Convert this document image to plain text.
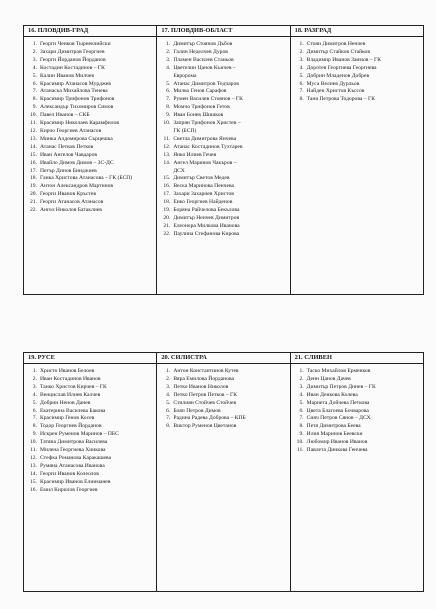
16. ПЛОВДИВ-ГРАД
1. Георги Ченков Тырнекчийски
2. Захари Димитров Георгиев
3. Георги Йорданов Йорданов
4. Костадин Костадинов – ГК
5. Калин Иванов Милчев
6. Красимир Атанасов Мурджев
7. Атанаска Михайлова Тенева
8. Красимир Трифонов Трифонов
9. Александър Тихомиров Симов
10. Павел Иванов – СКБ
11. Красимир Николаев Карамфилов
12. Кирчо Георгиев Атанасов
13. Минка Алдомирова Сърцешка
14. Атанас Петков Петков
15. Иван Ангелов Чавдаров
16. Ивайло Димов Димов – ЗС-ДС
17. Петър Динов Бинджиев
18. Ганка Христова Атанасова – ГК (БСП)
19. Антон Александров Мартинов
20. Георги Иванов Кръстев
21. Георги Атанасов Атанасов
22. Ангел Николов Батаклиев
17. ПЛОВДИВ-ОБЛАСТ
1. Димитър Стоянов Дъбов
2. Галин Неделчев Дуров
3. Пламен Василев Станьов
4. Цветелин Цанов Кънчев –
Евророма
5. Атанас Димитров Тедчаров
6. Милко Генов Сарафов
7. Румен Василев Стоянов – ГК
8. Момчо Трифонов Гетов
9. Иван Бонев Шишков
10. Запрян Трифонов Христев –
ГК (БСП)
11. Светла Димитрова Янчева
12. Атанас Костадинов Тухтарев
13. Янко Илиев Гечев
14. Ангел Маринов Чакъров –
ДСХ
15. Димитър Светов Медев
16. Веска Маринова Пенчева
17. Захари Захариев Христов
18. Енко Георгиев Найденов
19. Боряна Райчелова Бекълова
20. Димитър Ненчев Димитров
21. Елеонора Милкова Иванова
22. Паулина Стефанова Кирова
18. РАЗГРАД
1. Стоян Димитров Ненчев
2. Димитър Стайков Стайков
3. Владимир Иванов Заимов – ГК
4. Доротея Георгиева Георгиева
5. Добрин Младенов Добрев
6. Муса Велиев Дурльов
7. Найден Христов Къссов
8. Таня Петрова Тодорова – ГК
19. РУСЕ
1. Христо Иванов Белоев
2. Иван Костадинов Иванов
3. Танко Христов Кирчев – ГК
4. Венцислав Илиев Калчев
5. Добрин Ненов Данев
6. Екатерина Василева Бакова
7. Красимир Генов Косев
8. Тодор Георгиев Йорданов
9. Искрен Руменов Маринов – ПБС
10. Татяна Димитрова Василева
11. Милена Георгиева Хинкова
12. Стефка Романова Каракашева
13. Румяна Атанасова Иванова
14. Георги Иванов Колеолов
15. Красимир Иванов Елинманев
16. Емил Кирилов Георгиев
20. СИЛИСТРА
1. Антон Константинов Кутев
2. Вяра Емилова Йорданова
3. Петко Иванов Николов
4. Петко Петров Петков – ГК
5. Стилиян Стойчев Стойчев
6. Бояп Петров Димов
7. Радина Радева Доброва – КПБ
8. Виктор Руменов Цветанов
21. СЛИВЕН
1. Таско Михайлов Ерменков
2. Денн Цанов Дачев
3. Димитър Петров Динев – ГК
4. Иван Денкова Колева
5. Мариета Дойчева Петкова
6. Цвета Благоева Бочварова
7. Сияч Петров Сянов – ДСХ
8. Петя Димитрова Беева
9. Илия Маринов Беевски
10. Любомир Иванов Иванов
11. Павлета Динкова Генчева
